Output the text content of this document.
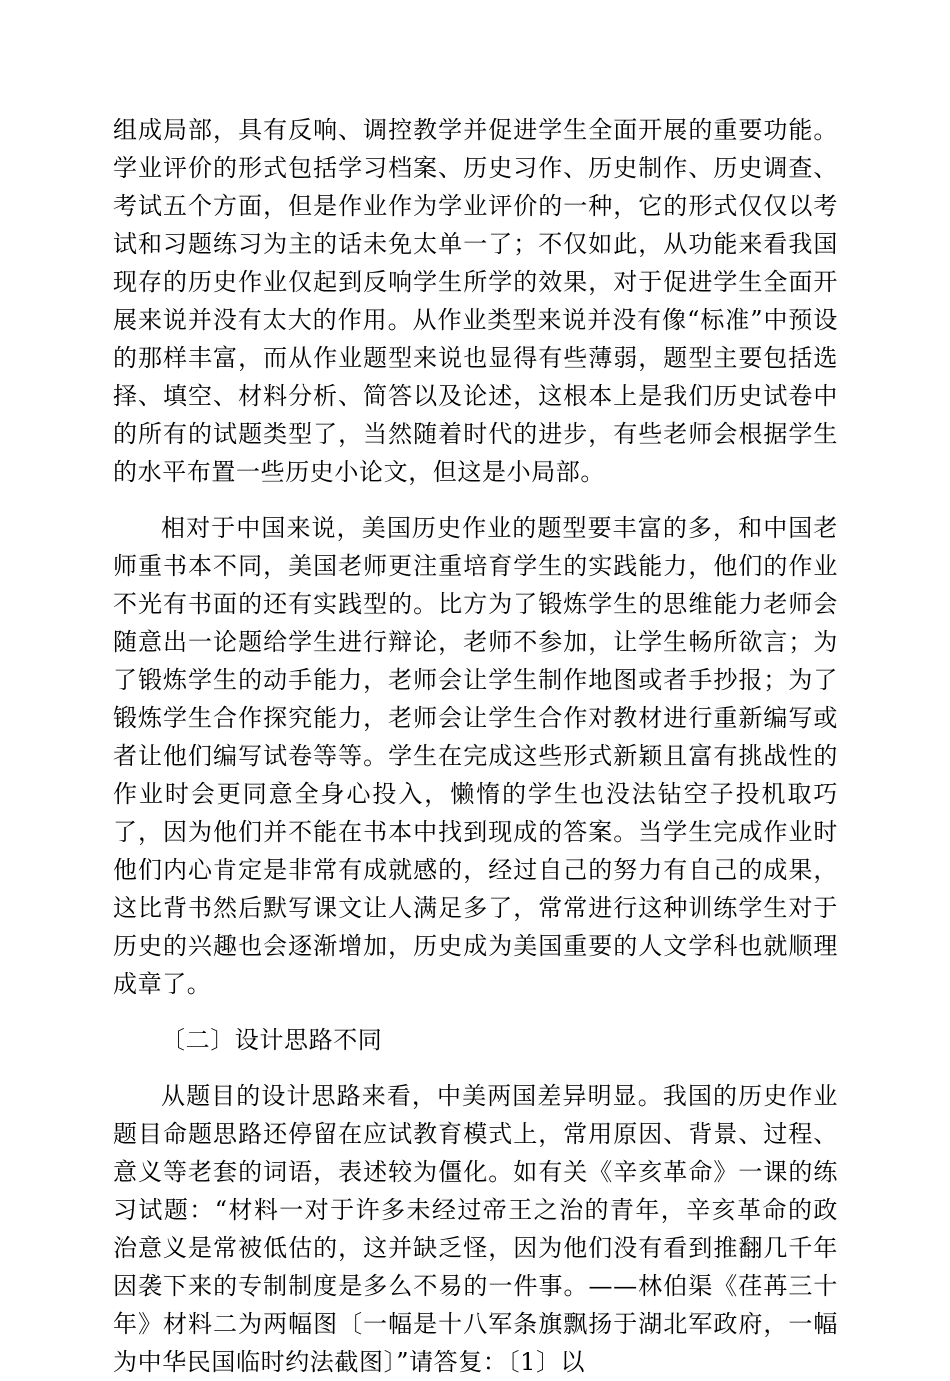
组成局部，具有反响、调控教学并促进学生全面开展的重要功能。学业评价的形式包括学习档案、历史习作、历史制作、历史调查、考试五个方面，但是作业作为学业评价的一种，它的形式仅仅以考试和习题练习为主的话未免太单一了；不仅如此，从功能来看我国现存的历史作业仅起到反响学生所学的效果，对于促进学生全面开展来说并没有太大的作用。从作业类型来说并没有像“标准”中预设的那样丰富，而从作业题型来说也显得有些薄弱，题型主要包括选择、填空、材料分析、简答以及论述，这根本上是我们历史试卷中的所有的试题类型了，当然随着时代的进步，有些老师会根据学生的水平布置一些历史小论文，但这是小局部。

相对于中国来说，美国历史作业的题型要丰富的多，和中国老师重书本不同，美国老师更注重培育学生的实践能力，他们的作业不光有书面的还有实践型的。比方为了锻炼学生的思维能力老师会随意出一论题给学生进行辩论，老师不参加，让学生畅所欲言；为了锻炼学生的动手能力，老师会让学生制作地图或者手抄报；为了锻炼学生合作探究能力，老师会让学生合作对教材进行重新编写或者让他们编写试卷等等。学生在完成这些形式新颖且富有挑战性的作业时会更同意全身心投入，懒惰的学生也没法钻空子投机取巧了，因为他们并不能在书本中找到现成的答案。当学生完成作业时他们内心肯定是非常有成就感的，经过自己的努力有自己的成果，这比背书然后默写课文让人满足多了，常常进行这种训练学生对于历史的兴趣也会逐渐增加，历史成为美国重要的人文学科也就顺理成章了。

〔二〕设计思路不同

从题目的设计思路来看，中美两国差异明显。我国的历史作业题目命题思路还停留在应试教育模式上，常用原因、背景、过程、意义等老套的词语，表述较为僵化。如有关《辛亥革命》一课的练习试题：“材料一对于许多未经过帝王之治的青年，辛亥革命的政治意义是常被低估的，这并缺乏怪，因为他们没有看到推翻几千年因袭下来的专制制度是多么不易的一件事。——林伯渠《荏苒三十年》材料二为两幅图〔一幅是十八军条旗飘扬于湖北军政府，一幅为中华民国临时约法截图〕”请答复：〔1〕以
